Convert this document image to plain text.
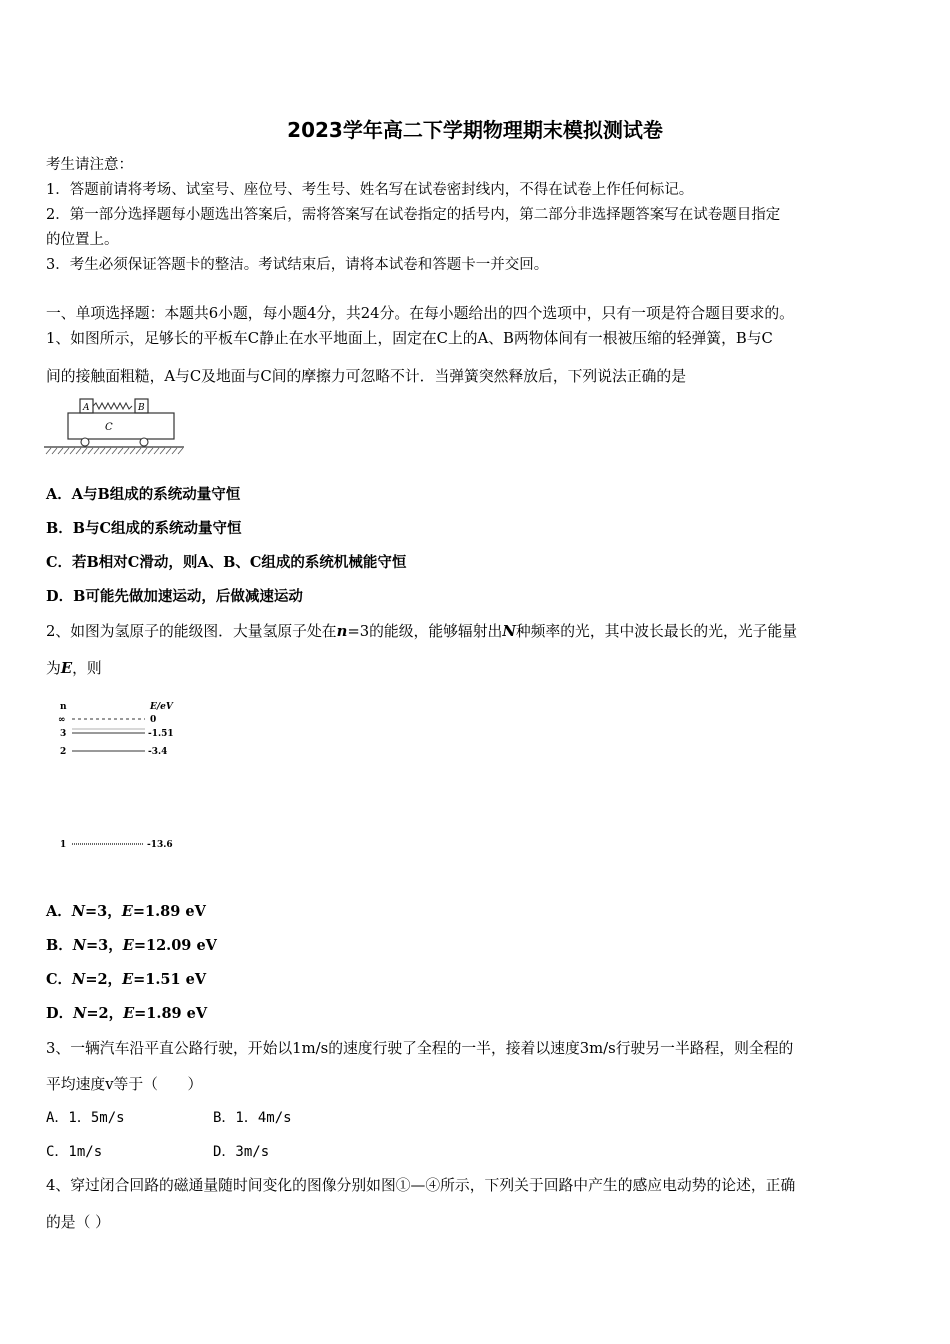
2023学年高二下学期物理期末模拟测试卷
考生请注意：
1．答题前请将考场、试室号、座位号、考生号、姓名写在试卷密封线内，不得在试卷上作任何标记。
2．第一部分选择题每小题选出答案后，需将答案写在试卷指定的括号内，第二部分非选择题答案写在试卷题目指定
的位置上。
3．考生必须保证答题卡的整洁。考试结束后，请将本试卷和答题卡一并交回。
一、单项选择题：本题共6小题，每小题4分，共24分。在每小题给出的四个选项中，只有一项是符合题目要求的。
1、如图所示，足够长的平板车C静止在水平地面上，固定在C上的A、B两物体间有一根被压缩的轻弹簧，B与C
间的接触面粗糙，A与C及地面与C间的摩擦力可忽略不计．当弹簧突然释放后，下列说法正确的是
A	B
C
A．A与B组成的系统动量守恒
B．B与C组成的系统动量守恒
C．若B相对C滑动，则A、B、C组成的系统机械能守恒
D．B可能先做加速运动，后做减速运动
2、如图为氢原子的能级图．大量氢原子处在n=3的能级，能够辐射出N种频率的光，其中波长最长的光，光子能量
为E，则
n	E/eV
∞	0
3	-1.51
2	-3.4
1	-13.6
A．N=3，E=1.89 eV
B．N=3，E=12.09 eV
C．N=2，E=1.51 eV
D．N=2，E=1.89 eV
3、一辆汽车沿平直公路行驶，开始以1m/s的速度行驶了全程的一半，接着以速度3m/s行驶另一半路程，则全程的
平均速度v等于（　　）
A．1．5m/s	B．1．4m/s
C．1m/s	D．3m/s
4、穿过闭合回路的磁通量随时间变化的图像分别如图①—④所示，下列关于回路中产生的感应电动势的论述，正确
的是（ ）
